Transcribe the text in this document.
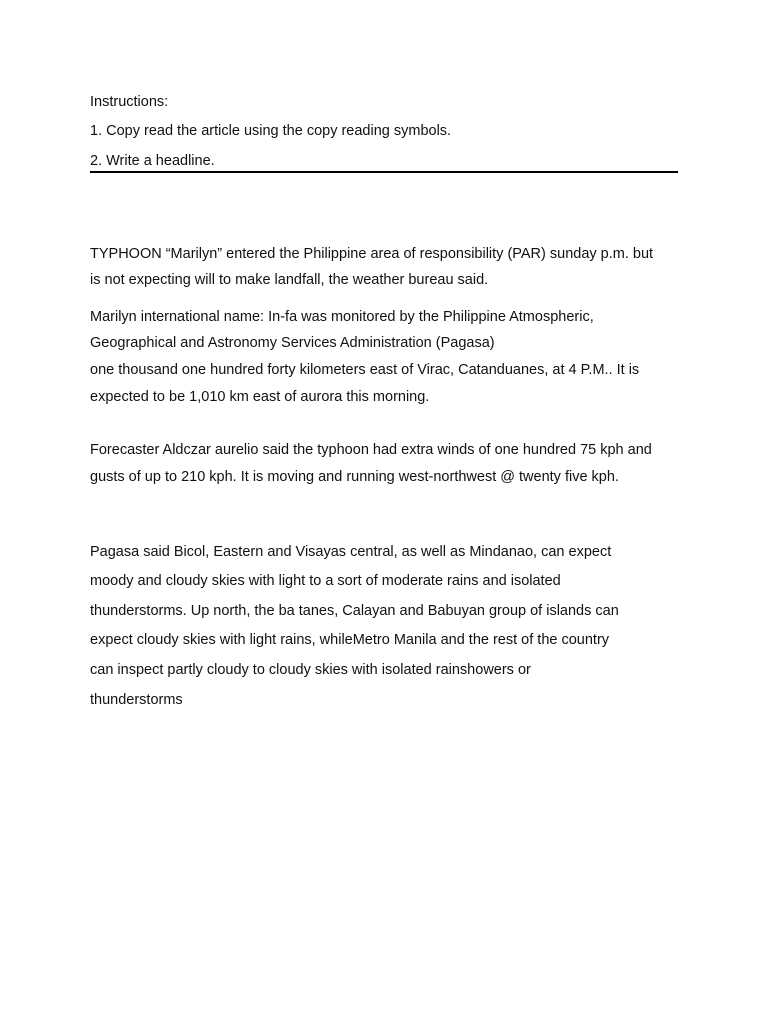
Instructions:
1. Copy read the article using the copy reading symbols.
2. Write a headline.
TYPHOON “Marilyn” entered the Philippine area of responsibility (PAR) sunday p.m. but
is not expecting will to make landfall, the weather bureau said.
Marilyn international name: In-fa was monitored by the Philippine Atmospheric,
Geographical and Astronomy Services Administration (Pagasa)
one thousand one hundred forty kilometers east of Virac, Catanduanes, at 4 P.M.. It is
expected to be 1,010 km east of aurora this morning.
Forecaster Aldczar aurelio said the typhoon had extra winds of one hundred 75 kph and
gusts of up to 210 kph. It is moving and running west-northwest @ twenty five kph.
Pagasa said Bicol, Eastern and Visayas central, as well as Mindanao, can expect
moody and cloudy skies with light to a sort of moderate rains and isolated
thunderstorms. Up north, the ba tanes, Calayan and Babuyan group of islands can
expect cloudy skies with light rains, whileMetro Manila and the rest of the country
can inspect partly cloudy to cloudy skies with isolated rainshowers or
thunderstorms
